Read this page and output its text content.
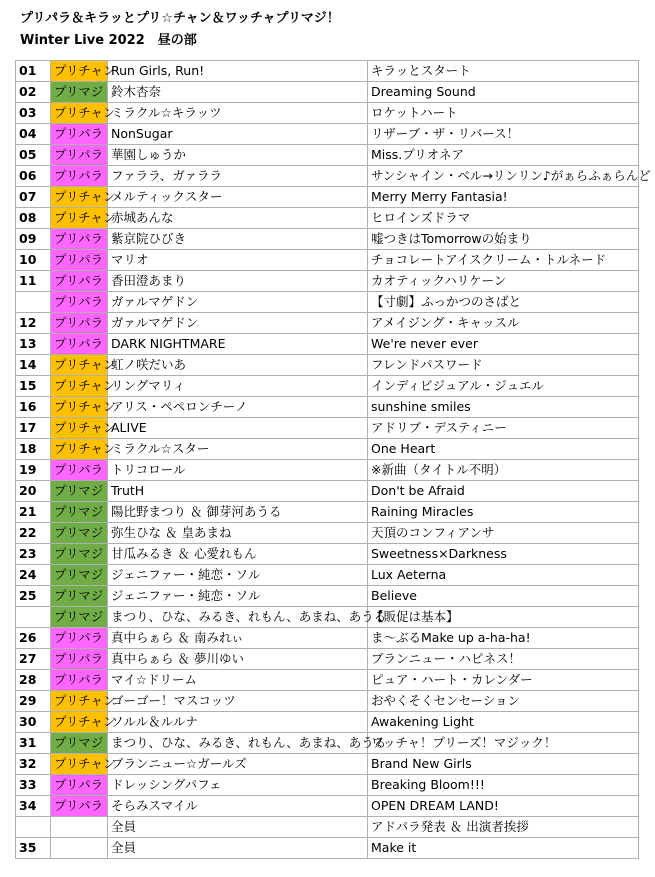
プリパラ＆キラッとプリ☆チャン＆ワッチャプリマジ！
Winter Live 2022　昼の部
01	プリチャン	Run Girls, Run!	キラッとスタート
02	プリマジ	鈴木杏奈	Dreaming Sound
03	プリチャン	ミラクル☆キラッツ	ロケットハート
04	プリパラ	NonSugar	リザーブ・ザ・リバース！
05	プリパラ	華園しゅうか	Miss.プリオネア
06	プリパラ	ファララ、ガァララ	サンシャイン・ベル→リンリン♪がぁらふぁらんど
07	プリチャン	メルティックスター	Merry Merry Fantasia!
08	プリチャン	赤城あんな	ヒロインズドラマ
09	プリパラ	紫京院ひびき	嘘つきはTomorrowの始まり
10	プリパラ	マリオ	チョコレートアイスクリーム・トルネード
11	プリパラ	香田澄あまり	カオティックハリケーン
	プリパラ	ガァルマゲドン	【寸劇】ふっかつのさばと
12	プリパラ	ガァルマゲドン	アメイジング・キャッスル
13	プリパラ	DARK NIGHTMARE	We're never ever
14	プリチャン	虹ノ咲だいあ	フレンドパスワード
15	プリチャン	リングマリィ	インディビジュアル・ジュエル
16	プリチャン	アリス・ペペロンチーノ	sunshine smiles
17	プリチャン	ALIVE	アドリブ・デスティニー
18	プリチャン	ミラクル☆スター	One Heart
19	プリパラ	トリコロール	※新曲（タイトル不明）
20	プリマジ	TrutH	Don't be Afraid
21	プリマジ	陽比野まつり ＆ 御芽河あうる	Raining Miracles
22	プリマジ	弥生ひな ＆ 皇あまね	天頂のコンフィアンサ
23	プリマジ	甘瓜みるき ＆ 心愛れもん	Sweetness×Darkness
24	プリマジ	ジェニファー・純恋・ソル	Lux Aeterna
25	プリマジ	ジェニファー・純恋・ソル	Believe
	プリマジ	まつり、ひな、みるき、れもん、あまね、あうる	【販促は基本】
26	プリパラ	真中らぁら ＆ 南みれぃ	ま～ぶるMake up a-ha-ha!
27	プリパラ	真中らぁら ＆ 夢川ゆい	ブランニュー・ハピネス！
28	プリパラ	マイ☆ドリーム	ピュア・ハート・カレンダー
29	プリチャン	ゴーゴー！マスコッツ	おやくそくセンセーション
30	プリチャン	ソルル＆ルルナ	Awakening Light
31	プリマジ	まつり、ひな、みるき、れもん、あまね、あうる	ワッチャ！プリーズ！マジック！
32	プリチャン	ブランニュー☆ガールズ	Brand New Girls
33	プリパラ	ドレッシングパフェ	Breaking Bloom!!!
34	プリパラ	そらみスマイル	OPEN DREAM LAND!
		全員	アドパラ発表 ＆ 出演者挨拶
35		全員	Make it
